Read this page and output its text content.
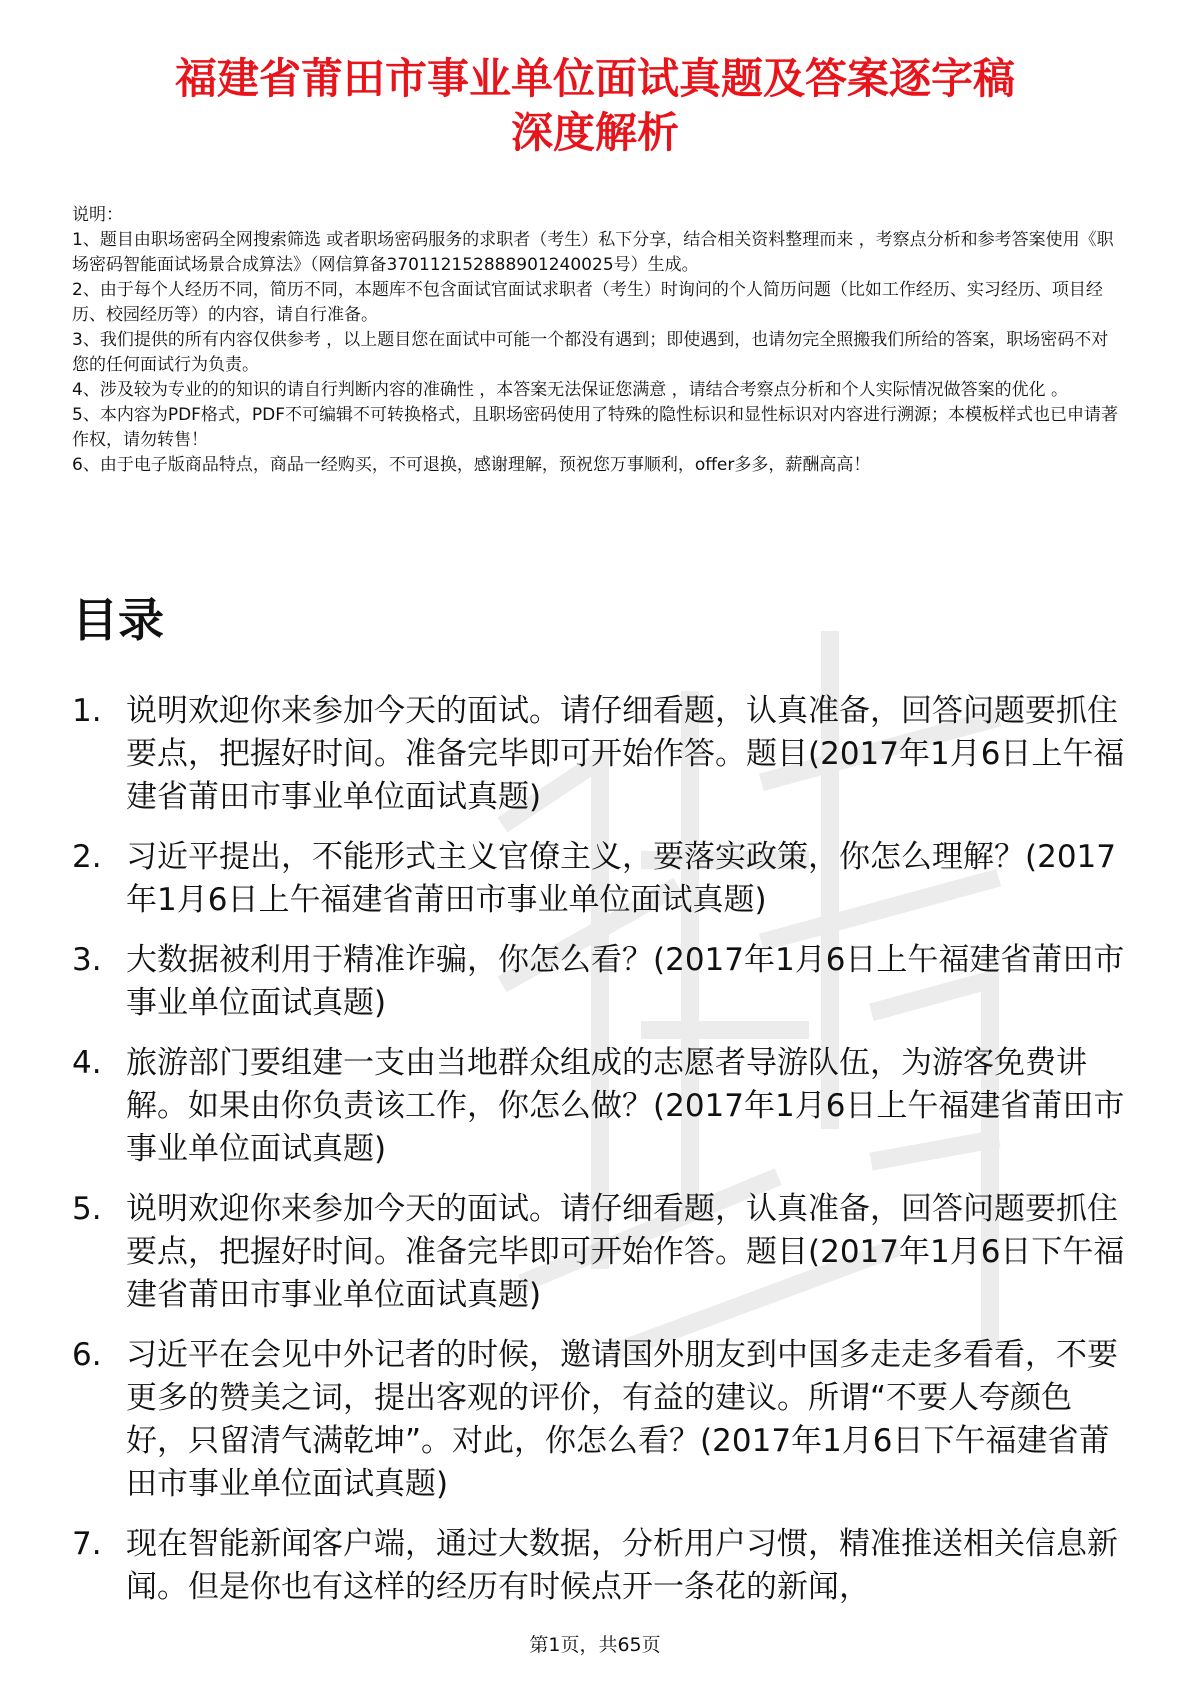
福建省莆田市事业单位面试真题及答案逐字稿
深度解析

说明：

1、题目由职场密码全网搜索筛选 或者职场密码服务的求职者（考生）私下分享，结合相关资料整理而来 ，考察点分析和参考答案使用《职场密码智能面试场景合成算法》（网信算备370112152888901240025号）生成。

2、由于每个人经历不同，简历不同，本题库不包含面试官面试求职者（考生）时询问的个人简历问题（比如工作经历、实习经历、项目经历、校园经历等）的内容，请自行准备。

3、我们提供的所有内容仅供参考 ，以上题目您在面试中可能一个都没有遇到；即使遇到，也请勿完全照搬我们所给的答案，职场密码不对您的任何面试行为负责。

4、涉及较为专业的的知识的请自行判断内容的准确性 ，本答案无法保证您满意 ，请结合考察点分析和个人实际情况做答案的优化 。

5、本内容为PDF格式，PDF不可编辑不可转换格式，且职场密码使用了特殊的隐性标识和显性标识对内容进行溯源；本模板样式也已申请著作权，请勿转售！

6、由于电子版商品特点，商品一经购买，不可退换，感谢理解，预祝您万事顺利，offer多多，薪酬高高！

目录
1. 说明欢迎你来参加今天的面试。请仔细看题，认真准备，回答问题要抓住要点，把握好时间。准备完毕即可开始作答。题目(2017年1月6日上午福建省莆田市事业单位面试真题)
2. 习近平提出，不能形式主义官僚主义，要落实政策，你怎么理解？(2017年1月6日上午福建省莆田市事业单位面试真题)
3. 大数据被利用于精准诈骗，你怎么看？(2017年1月6日上午福建省莆田市事业单位面试真题)
4. 旅游部门要组建一支由当地群众组成的志愿者导游队伍，为游客免费讲解。如果由你负责该工作，你怎么做？(2017年1月6日上午福建省莆田市事业单位面试真题)
5. 说明欢迎你来参加今天的面试。请仔细看题，认真准备，回答问题要抓住要点，把握好时间。准备完毕即可开始作答。题目(2017年1月6日下午福建省莆田市事业单位面试真题)
6. 习近平在会见中外记者的时候，邀请国外朋友到中国多走走多看看，不要更多的赞美之词，提出客观的评价，有益的建议。所谓“不要人夸颜色好，只留清气满乾坤”。对此，你怎么看？(2017年1月6日下午福建省莆田市事业单位面试真题)
7. 现在智能新闻客户端，通过大数据，分析用户习惯，精准推送相关信息新闻。但是你也有这样的经历有时候点开一条花的新闻，
第1页，共65页
